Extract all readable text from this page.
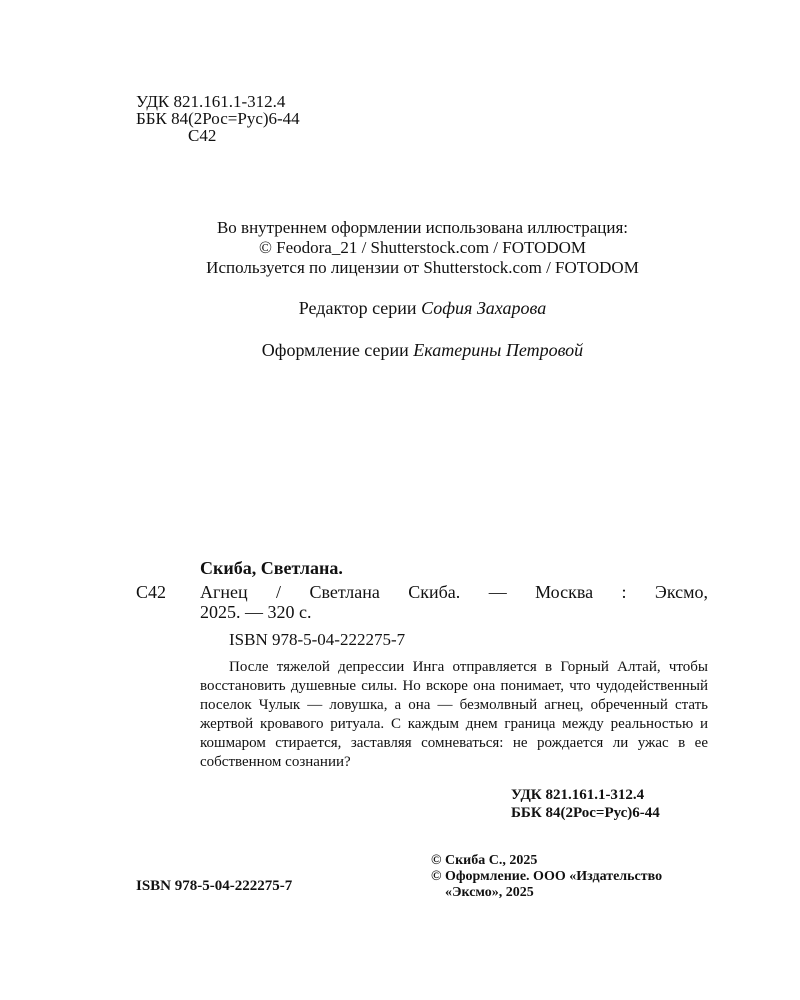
УДК 821.161.1-312.4
ББК 84(2Рос=Рус)6-44
С42
Во внутреннем оформлении использована иллюстрация:
© Feodora_21 / Shutterstock.com / FOTODOM
Используется по лицензии от Shutterstock.com / FOTODOM
Редактор серии София Захарова
Оформление серии Екатерины Петровой
Скиба, Светлана.
С42 Агнец / Светлана Скиба. — Москва : Эксмо,
2025. — 320 с.
ISBN 978-5-04-222275-7
После тяжелой депрессии Инга отправляется в Горный Алтай, чтобы восстановить душевные силы. Но вскоре она понимает, что чудодейственный поселок Чулык — ловушка, а она — безмолвный агнец, обреченный стать жертвой кровавого ритуала. С каждым днем граница между реальностью и кошмаром стирается, заставляя сомневаться: не рождается ли ужас в ее собственном сознании?
УДК 821.161.1-312.4
ББК 84(2Рос=Рус)6-44
© Скиба С., 2025
© Оформление. ООО «Издательство
«Эксмо», 2025
ISBN 978-5-04-222275-7
